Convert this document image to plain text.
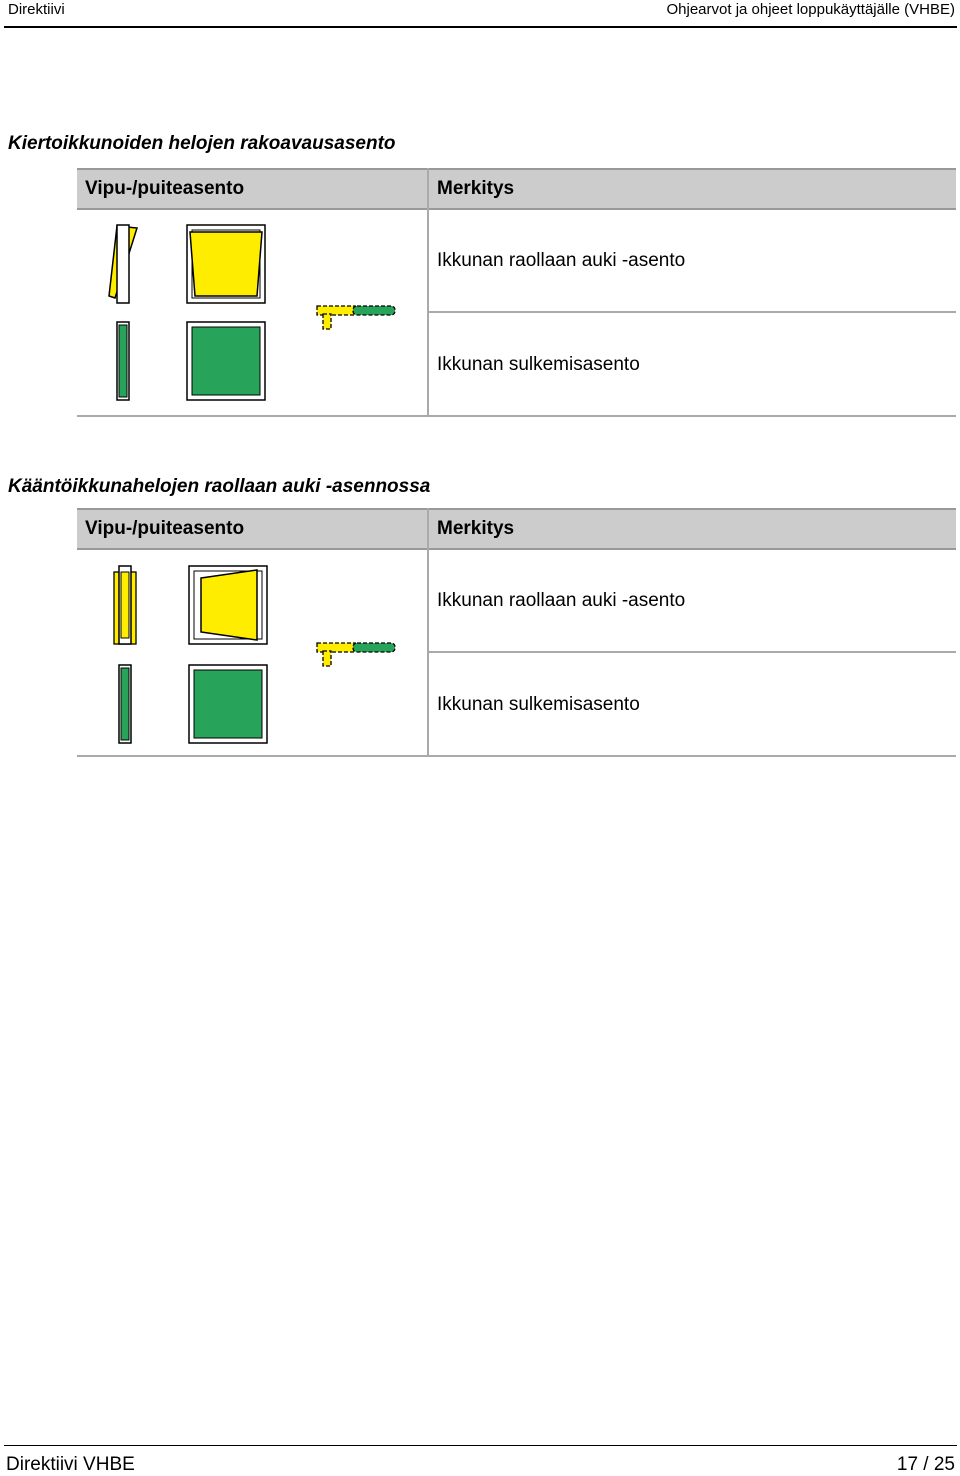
Direktiivi	Ohjearvot ja ohjeet loppukäyttäjälle (VHBE)
Kiertoikkunoiden helojen rakoavausasento
Vipu-/puiteasento	Merkitys
Ikkunan raollaan auki -asento
Ikkunan sulkemisasento
Kääntöikkunahelojen raollaan auki -asennossa
Vipu-/puiteasento	Merkitys
Ikkunan raollaan auki -asento
Ikkunan sulkemisasento
Direktiivi VHBE	17 / 25
